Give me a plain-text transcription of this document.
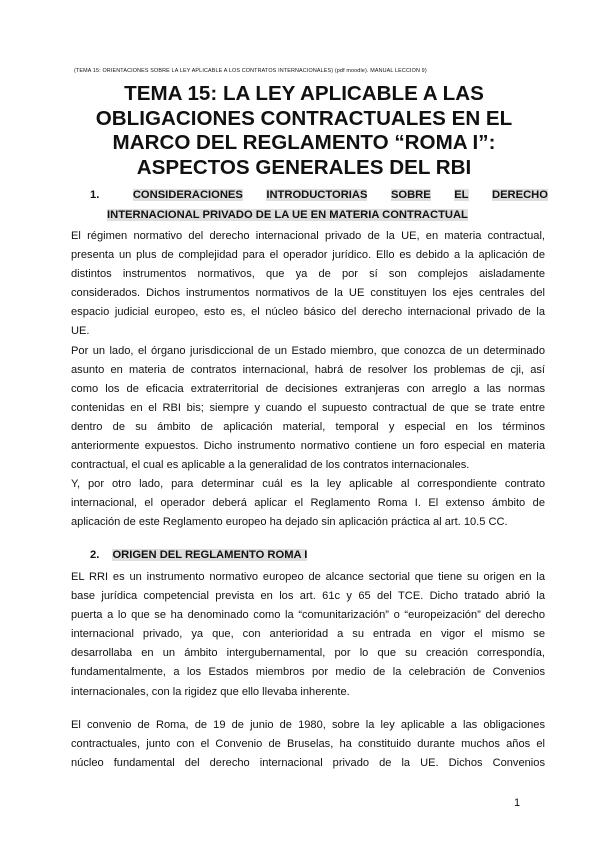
(TEMA 15: ORIENTACIONES SOBRE LA LEY APLICABLE A LOS CONTRATOS INTERNACIONALES) (pdf moodle). MANUAL LECCIÓN 9)
TEMA 15: LA LEY APLICABLE A LAS
OBLIGACIONES CONTRACTUALES EN EL
MARCO DEL REGLAMENTO “ROMA I”:
ASPECTOS GENERALES DEL RBI
1.	CONSIDERACIONES INTRODUCTORIAS SOBRE EL DERECHO
INTERNACIONAL PRIVADO DE LA UE EN MATERIA CONTRACTUAL

El régimen normativo del derecho internacional privado de la UE, en materia contractual,
presenta un plus de complejidad para el operador jurídico. Ello es debido a la aplicación de
distintos instrumentos normativos, que ya de por sí son complejos aisladamente
considerados. Dichos instrumentos normativos de la UE constituyen los ejes centrales del
espacio judicial europeo, esto es, el núcleo básico del derecho internacional privado de la
UE.

Por un lado, el órgano jurisdiccional de un Estado miembro, que conozca de un determinado
asunto en materia de contratos internacional, habrá de resolver los problemas de cji, así
como los de eficacia extraterritorial de decisiones extranjeras con arreglo a las normas
contenidas en el RBI bis; siempre y cuando el supuesto contractual de que se trate entre
dentro de su ámbito de aplicación material, temporal y especial en los términos
anteriormente expuestos. Dicho instrumento normativo contiene un foro especial en materia
contractual, el cual es aplicable a la generalidad de los contratos internacionales.

Y, por otro lado, para determinar cuál es la ley aplicable al correspondiente contrato
internacional, el operador deberá aplicar el Reglamento Roma I. El extenso ámbito de
aplicación de este Reglamento europeo ha dejado sin aplicación práctica al art. 10.5 CC.

2. ORIGEN DEL REGLAMENTO ROMA I

EL RRI es un instrumento normativo europeo de alcance sectorial que tiene su origen en la
base jurídica competencial prevista en los art. 61c y 65 del TCE. Dicho tratado abrió la
puerta a lo que se ha denominado como la “comunitarización” o “europeización” del derecho
internacional privado, ya que, con anterioridad a su entrada en vigor el mismo se
desarrollaba en un ámbito intergubernamental, por lo que su creación correspondía,
fundamentalmente, a los Estados miembros por medio de la celebración de Convenios
internacionales, con la rigidez que ello llevaba inherente.

El convenio de Roma, de 19 de junio de 1980, sobre la ley aplicable a las obligaciones
contractuales, junto con el Convenio de Bruselas, ha constituido durante muchos años el
núcleo fundamental del derecho internacional privado de la UE. Dichos Convenios

1
